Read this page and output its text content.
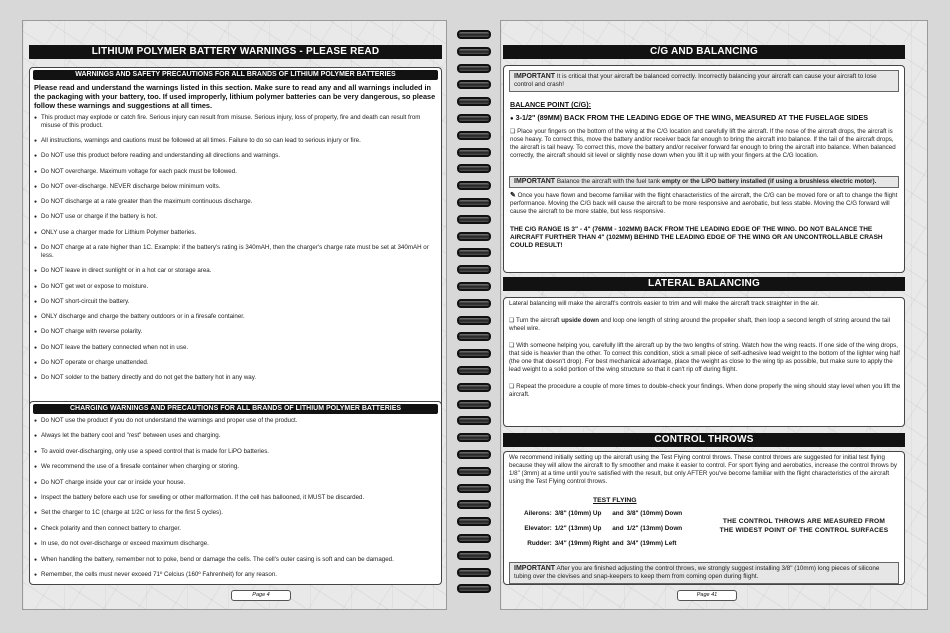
LITHIUM POLYMER BATTERY WARNINGS - PLEASE READ
WARNINGS AND SAFETY PRECAUTIONS FOR ALL BRANDS OF LITHIUM POLYMER BATTERIES
Please read and understand the warnings listed in this section. Make sure to read any and all warnings included in the packaging with your battery, too. If used improperly, lithium polymer batteries can be very dangerous, so please follow these warnings and suggestions at all times.
● This product may explode or catch fire. Serious injury can result from misuse. Serious injury, loss of property, fire and death can result from misuse of this product.
● All instructions, warnings and cautions must be followed at all times. Failure to do so can lead to serious injury or fire.
● Do NOT use this product before reading and understanding all directions and warnings.
● Do NOT overcharge. Maximum voltage for each pack must be followed.
● Do NOT over-discharge. NEVER discharge below minimum volts.
● Do NOT discharge at a rate greater than the maximum continuous discharge.
● Do NOT use or charge if the battery is hot.
● ONLY use a charger made for Lithium Polymer batteries.
● Do NOT charge at a rate higher than 1C. Example: if the battery's rating is 340mAH, then the charger's charge rate must be set at 340mAH or less.
● Do NOT leave in direct sunlight or in a hot car or storage area.
● Do NOT get wet or expose to moisture.
● Do NOT short-circuit the battery.
● ONLY discharge and charge the battery outdoors or in a firesafe container.
● Do NOT charge with reverse polarity.
● Do NOT leave the battery connected when not in use.
● Do NOT operate or charge unattended.
● Do NOT solder to the battery directly and do not get the battery hot in any way.
CHARGING WARNINGS AND PRECAUTIONS FOR ALL BRANDS OF LITHIUM POLYMER BATTERIES
● Do NOT use the product if you do not understand the warnings and proper use of the product.
● Always let the battery cool and "rest" between uses and charging.
● To avoid over-discharging, only use a speed control that is made for LiPO batteries.
● We recommend the use of a firesafe container when charging or storing.
● Do NOT charge inside your car or inside your house.
● Inspect the battery before each use for swelling or other malformation. If the cell has ballooned, it MUST be discarded.
● Set the charger to 1C (charge at 1/2C or less for the first 5 cycles).
● Check polarity and then connect battery to charger.
● In use, do not over-discharge or exceed maximum discharge.
● When handling the battery, remember not to poke, bend or damage the cells. The cell's outer casing is soft and can be damaged.
● Remember, the cells must never exceed 71º Celcius (160º Fahrenheit) for any reason.
Page 4
C/G AND BALANCING
IMPORTANT It is critical that your aircraft be balanced correctly. Incorrectly balancing your aircraft can cause your aircraft to lose control and crash!
BALANCE POINT (C/G):
● 3-1/2" (89MM) BACK FROM THE LEADING EDGE OF THE WING, MEASURED AT THE FUSELAGE SIDES
❏ Place your fingers on the bottom of the wing at the C/G location and carefully lift the aircraft. If the nose of the aircraft drops, the aircraft is nose heavy. To correct this, move the battery and/or receiver back far enough to bring the aircraft into balance. If the tail of the aircraft drops, the aircraft is tail heavy. To correct this, move the battery and/or receiver forward far enough to bring the aircraft into balance. When balanced correctly, the aircraft should sit level or slightly nose down when you lift it up with your fingers at the C/G location.
IMPORTANT Balance the aircraft with the fuel tank empty or the LiPO battery installed (if using a brushless electric motor).
✎ Once you have flown and become familiar with the flight characteristics of the aircraft, the C/G can be moved fore or aft to change the flight performance. Moving the C/G back will cause the aircraft to be more responsive and aerobatic, but less stable. Moving the C/G forward will cause the aircraft to be more stable, but less responsive.
THE C/G RANGE IS 3" - 4" (76MM - 102MM) BACK FROM THE LEADING EDGE OF THE WING. DO NOT BALANCE THE AIRCRAFT FURTHER THAN 4" (102MM) BEHIND THE LEADING EDGE OF THE WING OR AN UNCONTROLLABLE CRASH COULD RESULT!
LATERAL BALANCING
Lateral balancing will make the aircraft's controls easier to trim and will make the aircraft track straighter in the air.
❏ Turn the aircraft upside down and loop one length of string around the propeller shaft, then loop a second length of string around the tail wheel wire.
❏ With someone helping you, carefully lift the aircraft up by the two lengths of string. Watch how the wing reacts. If one side of the wing drops, that side is heavier than the other. To correct this condition, stick a small piece of self-adhesive lead weight to the bottom of the lighter wing half (the one that doesn't drop). For best mechanical advantage, place the weight as close to the wing tip as possible, but make sure to apply the lead weight to a solid portion of the wing structure so that it can't rip off during flight.
❏ Repeat the procedure a couple of more times to double-check your findings. When done properly the wing should stay level when you lift the aircraft.
CONTROL THROWS
We recommend initially setting up the aircraft using the Test Flying control throws. These control throws are suggested for initial test flying because they will allow the aircraft to fly smoother and make it easier to control. For sport flying and aerobatics, increase the control throws by 1/8" (3mm) at a time until you're satisfied with the result, but only AFTER you've become familiar with the flight characteristics of the aircraft using the Test Flying control throws.
TEST FLYING
Ailerons:	3/8" (10mm) Up	and	3/8" (10mm) Down
Elevator:	1/2" (13mm) Up	and	1/2" (13mm) Down
Rudder:	3/4" (19mm) Right	and	3/4" (19mm) Left
THE CONTROL THROWS ARE MEASURED FROM THE WIDEST POINT OF THE CONTROL SURFACES
IMPORTANT After you are finished adjusting the control throws, we strongly suggest installing 3/8" (10mm) long pieces of silicone tubing over the clevises and snap-keepers to keep them from coming open during flight.
Page 41
